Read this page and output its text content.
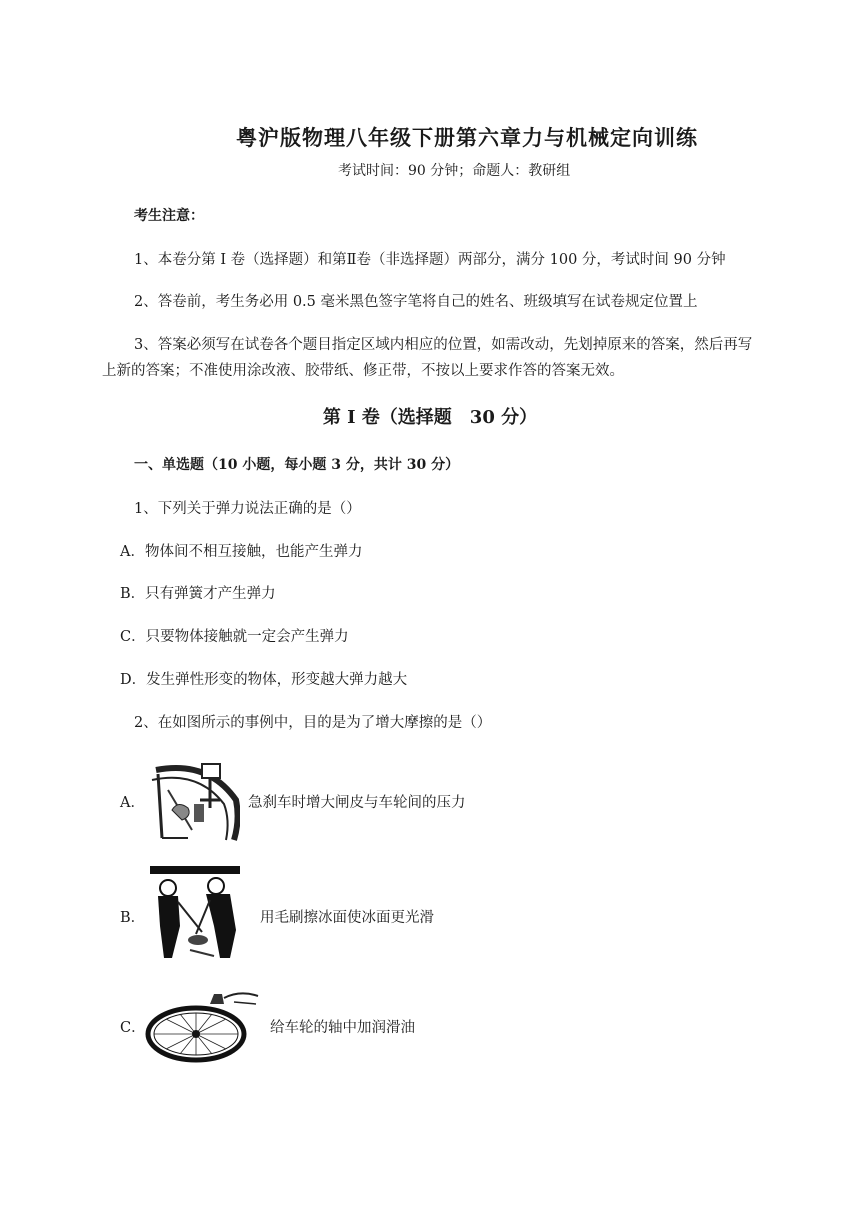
粤沪版物理八年级下册第六章力与机械定向训练
考试时间：90 分钟；命题人：教研组
考生注意：
1、本卷分第 I 卷（选择题）和第Ⅱ卷（非选择题）两部分，满分 100 分，考试时间 90 分钟
2、答卷前，考生务必用 0.5 毫米黑色签字笔将自己的姓名、班级填写在试卷规定位置上
3、答案必须写在试卷各个题目指定区域内相应的位置，如需改动，先划掉原来的答案，然后再写
上新的答案；不准使用涂改液、胶带纸、修正带，不按以上要求作答的答案无效。
第 I 卷（选择题　30 分）
一、单选题（10 小题，每小题 3 分，共计 30 分）
1、下列关于弹力说法正确的是（）
A．物体间不相互接触，也能产生弹力
B．只有弹簧才产生弹力
C．只要物体接触就一定会产生弹力
D．发生弹性形变的物体，形变越大弹力越大
2、在如图所示的事例中，目的是为了增大摩擦的是（）
A．	急刹车时增大闸皮与车轮间的压力
B．	用毛刷擦冰面使冰面更光滑
C．	给车轮的轴中加润滑油
